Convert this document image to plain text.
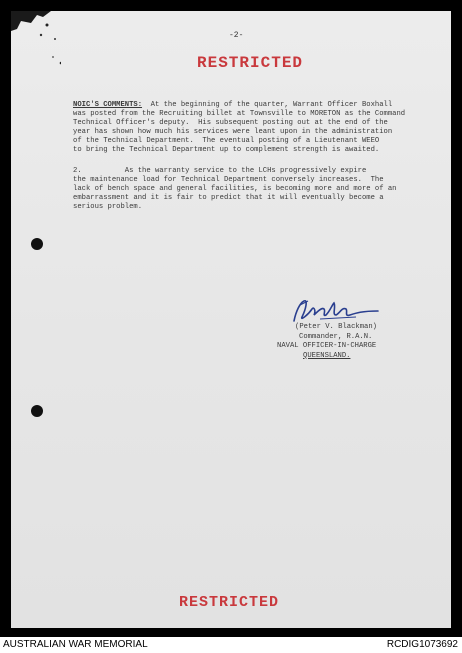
-2-
RESTRICTED
NOIC'S COMMENTS:  At the beginning of the quarter, Warrant Officer Boxhall
was posted from the Recruiting billet at Townsville to MORETON as the Command
Technical Officer's deputy.  His subsequent posting out at the end of the
year has shown how much his services were leant upon in the administration
of the Technical Department.  The eventual posting of a Lieutenant WEEO
to bring the Technical Department up to complement strength is awaited.
2.          As the warranty service to the LCHs progressively expire
the maintenance load for Technical Department conversely increases.  The
lack of bench space and general facilities, is becoming more and more of an
embarrassment and it is fair to predict that it will eventually become a
serious problem.
(Peter V. Blackman)
Commander, R.A.N.
NAVAL OFFICER-IN-CHARGE
QUEENSLAND.
RESTRICTED
AUSTRALIAN WAR MEMORIAL	RCDIG1073692
